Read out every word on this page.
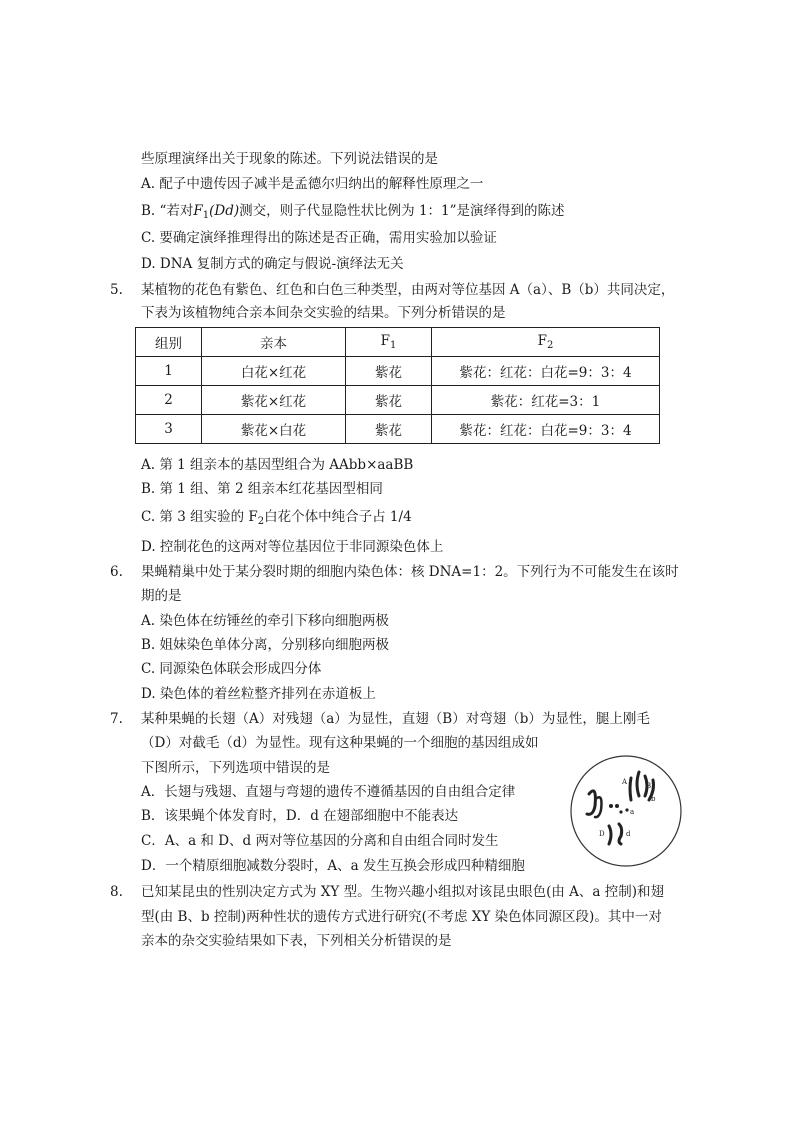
些原理演绎出关于现象的陈述。下列说法错误的是
A. 配子中遗传因子减半是孟德尔归纳出的解释性原理之一
B. “若对$F_1(Dd)$测交，则子代显隐性状比例为 1：1”是演绎得到的陈述
C. 要确定演绎推理得出的陈述是否正确，需用实验加以验证
D. DNA 复制方式的确定与假说-演绎法无关
5. 某植物的花色有紫色、红色和白色三种类型，由两对等位基因 A（a）、B（b）共同决定，
下表为该植物纯合亲本间杂交实验的结果。下列分析错误的是
组别	亲本	$F_1$	$F_2$
1	白花×红花	紫花	紫花：红花：白花=9：3：4
2	紫花×红花	紫花	紫花：红花=3：1
3	紫花×白花	紫花	紫花：红花：白花=9：3：4
A. 第 1 组亲本的基因型组合为 AAbb×aaBB
B. 第 1 组、第 2 组亲本红花基因型相同
C. 第 3 组实验的 $F_2$白花个体中纯合子占 1/4
D. 控制花色的这两对等位基因位于非同源染色体上
6. 果蝇精巢中处于某分裂时期的细胞内染色体：核 DNA=1：2。下列行为不可能发生在该时
期的是
A. 染色体在纺锤丝的牵引下移向细胞两极
B. 姐妹染色单体分离，分别移向细胞两极
C. 同源染色体联会形成四分体
D. 染色体的着丝粒整齐排列在赤道板上
7. 某种果蝇的长翅（A）对残翅（a）为显性，直翅（B）对弯翅（b）为显性，腿上刚毛
（D）对截毛（d）为显性。现有这种果蝇的一个细胞的基因组成如
下图所示，下列选项中错误的是
A．长翅与残翅、直翅与弯翅的遗传不遵循基因的自由组合定律
B．该果蝇个体发育时，D．d 在翅部细胞中不能表达
C．A、a 和 D、d 两对等位基因的分离和自由组合同时发生
D．一个精原细胞减数分裂时，A、a 发生互换会形成四种精细胞
A
a
B
b
D	d
8. 已知某昆虫的性别决定方式为 XY 型。生物兴趣小组拟对该昆虫眼色(由 A、a 控制)和翅
型(由 B、b 控制)两种性状的遗传方式进行研究(不考虑 XY 染色体同源区段)。其中一对
亲本的杂交实验结果如下表，下列相关分析错误的是
